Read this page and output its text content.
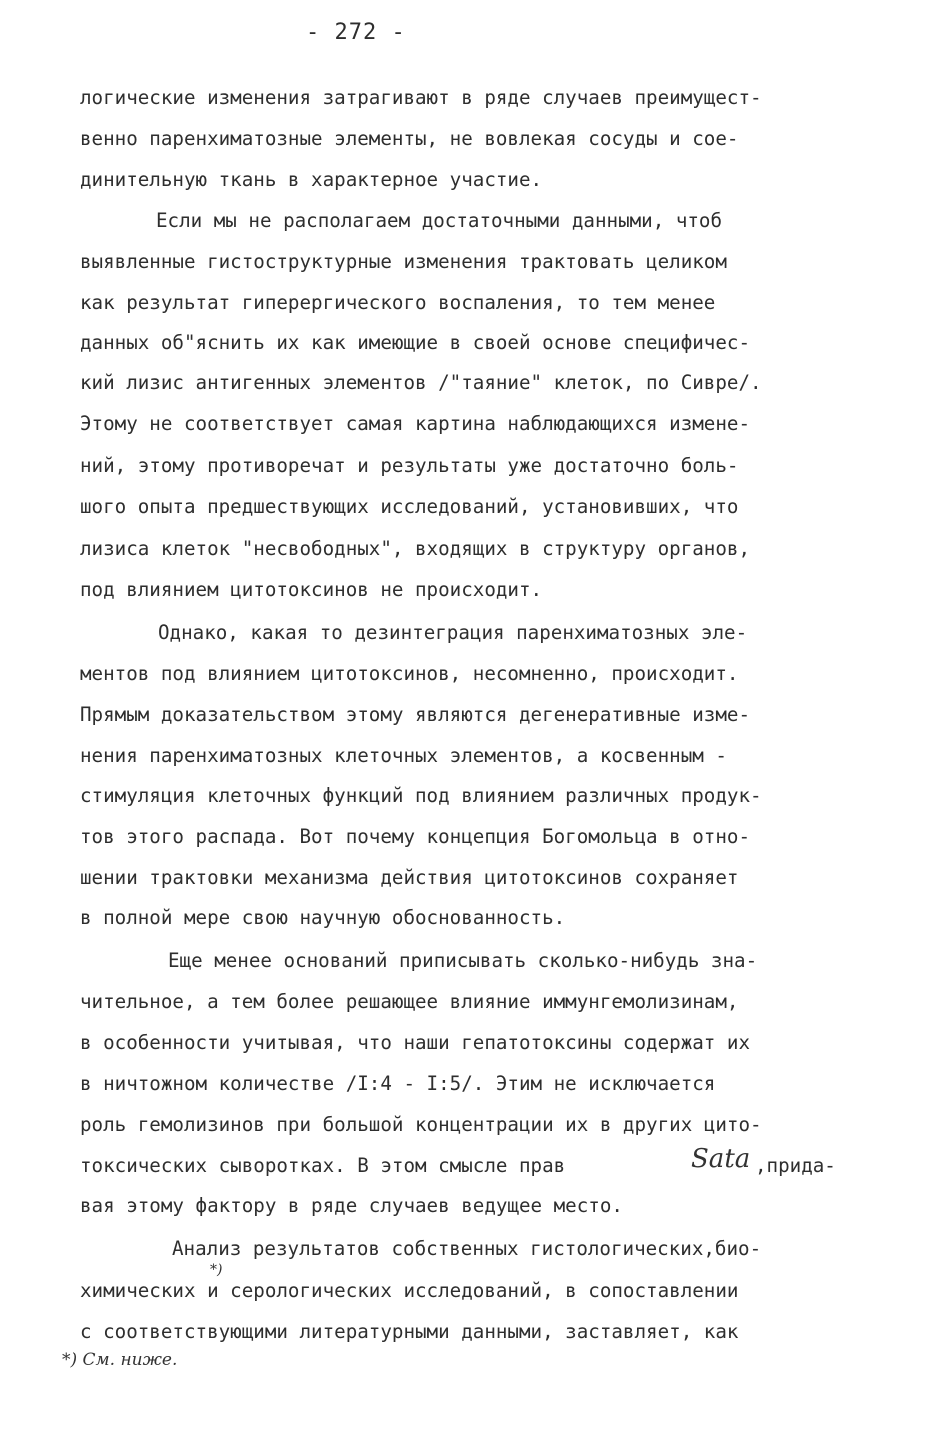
- 272 -
логические изменения затрагивают в ряде случаев преимущест-
венно паренхиматозные элементы, не вовлекая сосуды и сое-
динительную ткань в характерное участие.
Если мы не располагаем достаточными данными, чтоб
выявленные гистоструктурные изменения трактовать целиком
как результат гиперергического воспаления, то тем менее
данных об"яснить их как имеющие в своей основе специфичес-
кий лизис антигенных элементов /"таяние" клеток, по Сивре/.
Этому не соответствует самая картина наблюдающихся измене-
ний, этому противоречат и результаты уже достаточно боль-
шого опыта предшествующих исследований, установивших, что
лизиса клеток "несвободных", входящих в структуру органов,
под влиянием цитотоксинов не происходит.
Однако, какая то дезинтеграция паренхиматозных эле-
ментов под влиянием цитотоксинов, несомненно, происходит.
Прямым доказательством этому являются дегенеративные изме-
нения паренхиматозных клеточных элементов, а косвенным -
стимуляция клеточных функций под влиянием различных продук-
тов этого распада. Вот почему концепция Богомольца в отно-
шении трактовки механизма действия цитотоксинов сохраняет
в полной мере свою научную обоснованность.
Еще менее оснований приписывать сколько-нибудь зна-
чительное, а тем более решающее влияние иммунгемолизинам,
в особенности учитывая, что наши гепатотоксины содержат их
в ничтожном количестве /I:4 - I:5/. Этим не исключается
роль гемолизинов при большой концентрации их в других цито-
токсических сыворотках. В этом смысле прав	Sata ,прида-
вая этому фактору в ряде случаев ведущее место.
Анализ результатов собственных гистологических,био-
*)
химических и серологических исследований, в сопоставлении
с соответствующими литературными данными, заставляет, как
*) См. ниже.
